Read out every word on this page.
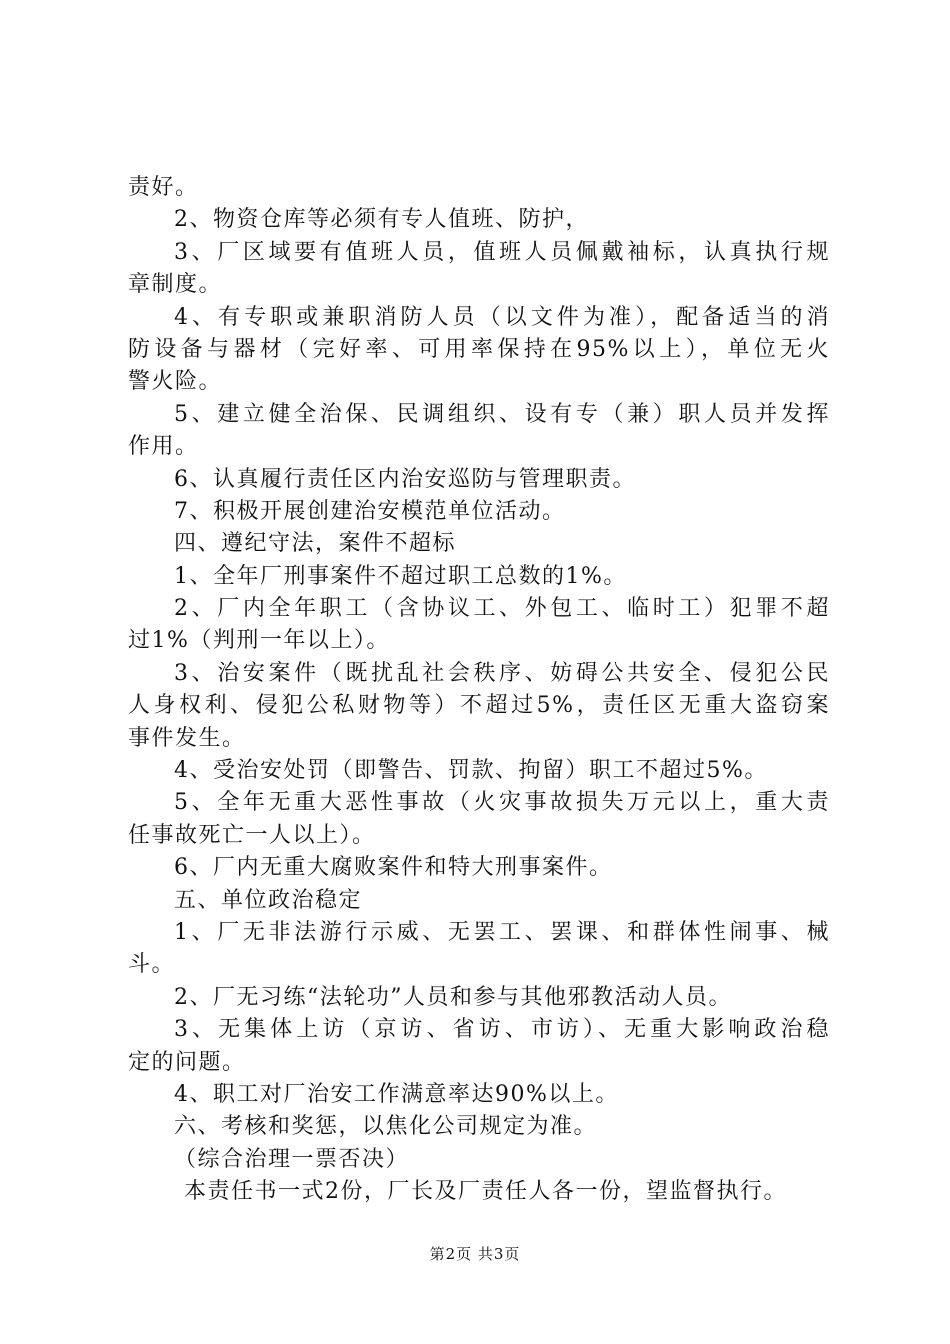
责好。
2、物资仓库等必须有专人值班、防护，
3、厂区域要有值班人员，值班人员佩戴袖标，认真执行规
章制度。
4、有专职或兼职消防人员（以文件为准），配备适当的消
防设备与器材（完好率、可用率保持在95%以上），单位无火
警火险。
5、建立健全治保、民调组织、设有专（兼）职人员并发挥
作用。
6、认真履行责任区内治安巡防与管理职责。
7、积极开展创建治安模范单位活动。
四、遵纪守法，案件不超标
1、全年厂刑事案件不超过职工总数的1%。
2、厂内全年职工（含协议工、外包工、临时工）犯罪不超
过1%（判刑一年以上）。
3、治安案件（既扰乱社会秩序、妨碍公共安全、侵犯公民
人身权利、侵犯公私财物等）不超过5%，责任区无重大盗窃案
事件发生。
4、受治安处罚（即警告、罚款、拘留）职工不超过5%。
5、全年无重大恶性事故（火灾事故损失万元以上，重大责
任事故死亡一人以上）。
6、厂内无重大腐败案件和特大刑事案件。
五、单位政治稳定
1、厂无非法游行示威、无罢工、罢课、和群体性闹事、械
斗。
2、厂无习练“法轮功”人员和参与其他邪教活动人员。
3、无集体上访（京访、省访、市访）、无重大影响政治稳
定的问题。
4、职工对厂治安工作满意率达90%以上。
六、考核和奖惩，以焦化公司规定为准。
（综合治理一票否决）
本责任书一式2份，厂长及厂责任人各一份，望监督执行。
第2页 共3页
